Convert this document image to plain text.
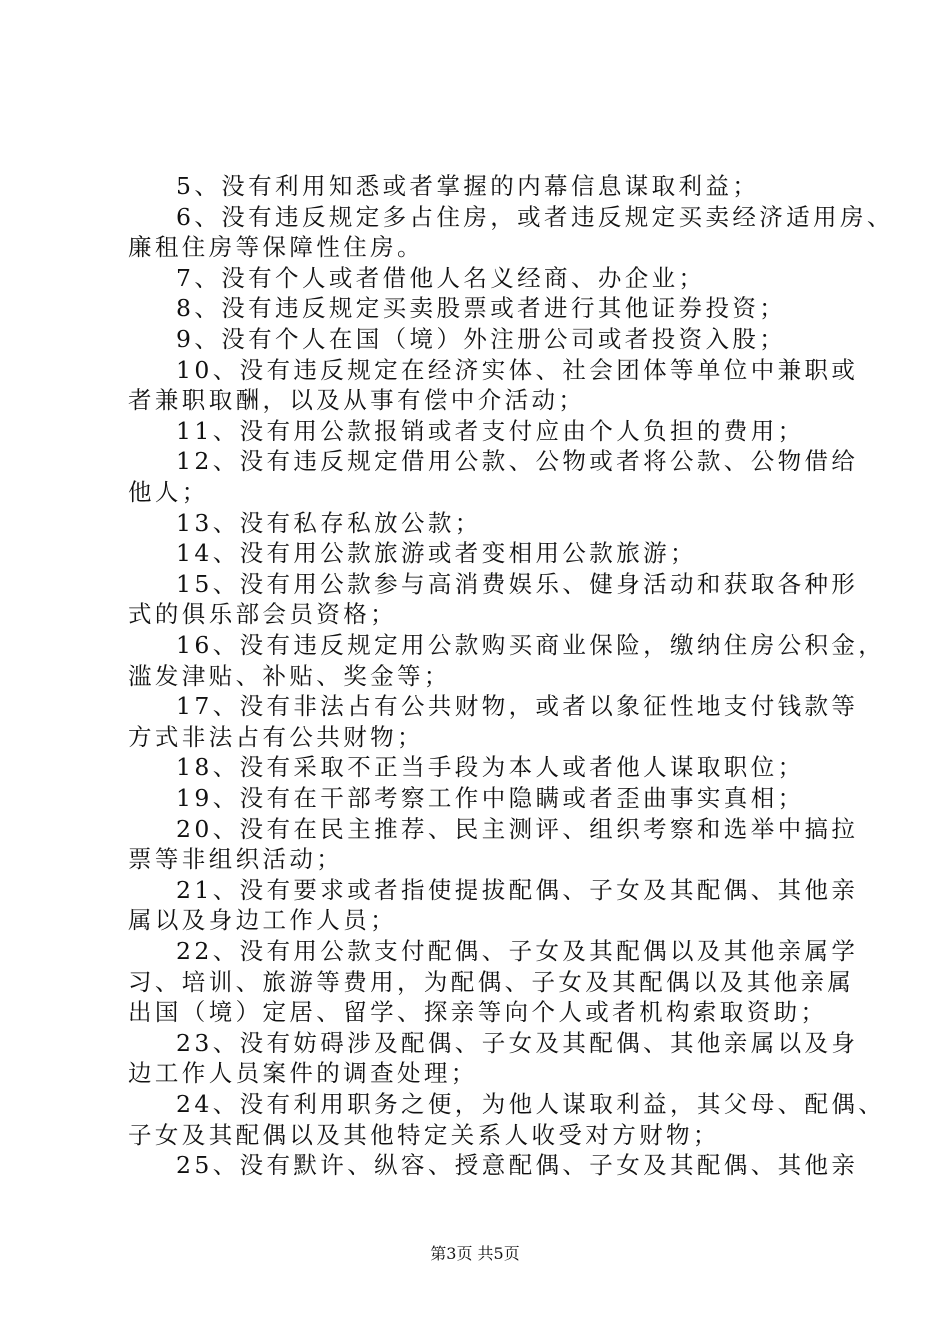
5、没有利用知悉或者掌握的内幕信息谋取利益；
6、没有违反规定多占住房，或者违反规定买卖经济适用房、
廉租住房等保障性住房。
7、没有个人或者借他人名义经商、办企业；
8、没有违反规定买卖股票或者进行其他证券投资；
9、没有个人在国（境）外注册公司或者投资入股；
10、没有违反规定在经济实体、社会团体等单位中兼职或
者兼职取酬，以及从事有偿中介活动；
11、没有用公款报销或者支付应由个人负担的费用；
12、没有违反规定借用公款、公物或者将公款、公物借给
他人；
13、没有私存私放公款；
14、没有用公款旅游或者变相用公款旅游；
15、没有用公款参与高消费娱乐、健身活动和获取各种形
式的俱乐部会员资格；
16、没有违反规定用公款购买商业保险，缴纳住房公积金，
滥发津贴、补贴、奖金等；
17、没有非法占有公共财物，或者以象征性地支付钱款等
方式非法占有公共财物；
18、没有采取不正当手段为本人或者他人谋取职位；
19、没有在干部考察工作中隐瞒或者歪曲事实真相；
20、没有在民主推荐、民主测评、组织考察和选举中搞拉
票等非组织活动；
21、没有要求或者指使提拔配偶、子女及其配偶、其他亲
属以及身边工作人员；
22、没有用公款支付配偶、子女及其配偶以及其他亲属学
习、培训、旅游等费用，为配偶、子女及其配偶以及其他亲属
出国（境）定居、留学、探亲等向个人或者机构索取资助；
23、没有妨碍涉及配偶、子女及其配偶、其他亲属以及身
边工作人员案件的调查处理；
24、没有利用职务之便，为他人谋取利益，其父母、配偶、
子女及其配偶以及其他特定关系人收受对方财物；
25、没有默许、纵容、授意配偶、子女及其配偶、其他亲
第3页 共5页
